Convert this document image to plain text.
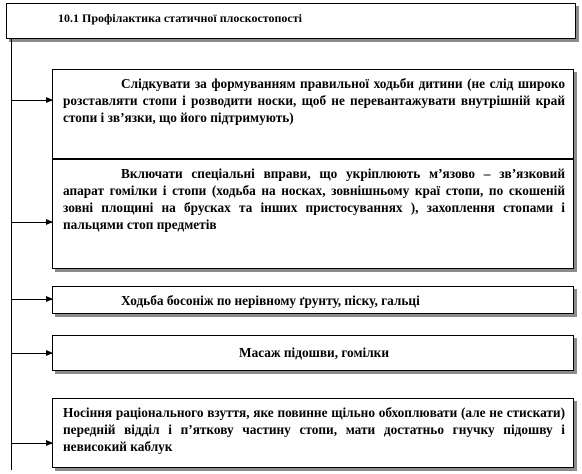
10.1 Профілактика статичної плоскостопості
Слідкувати за формуванням правильної ходьби дитини (не слід широко розставляти стопи і розводити носки, щоб не перевантажувати внутрішній край стопи і зв’язки, що його підтримують)
Включати спеціальні вправи, що укріплюють м’язово – зв’язковий апарат гомілки і стопи (ходьба на носках, зовнішньому краї стопи, по скошеній зовні площині на брусках та інших пристосуваннях ), захоплення стопами і пальцями стоп предметів
Ходьба босоніж по нерівному ґрунту, піску, гальці
Масаж підошви, гомілки
Носіння раціонального взуття, яке повинне щільно обхоплювати (але не стискати) передній відділ і п’яткову частину стопи, мати достатньо гнучку підошву і невисокий каблук
